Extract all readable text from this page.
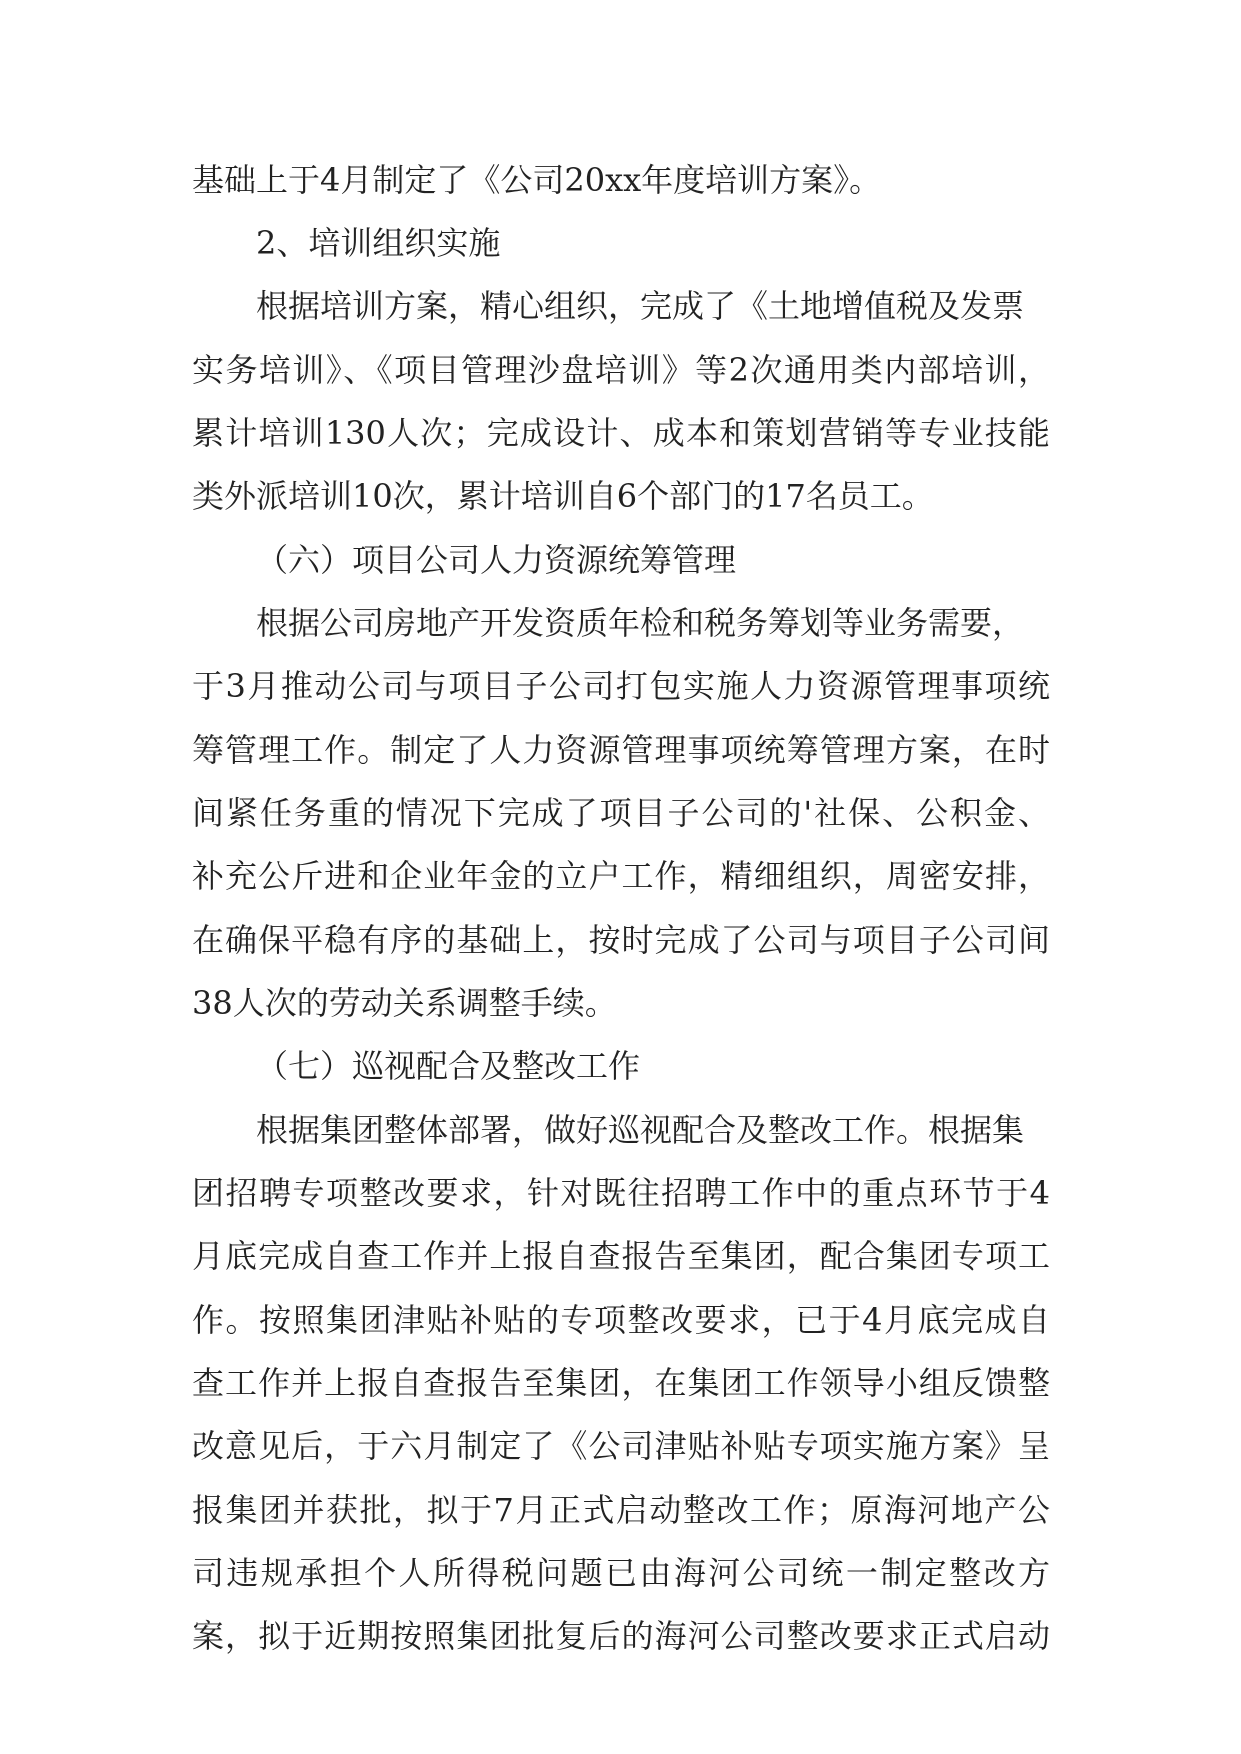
基础上于4月制定了《公司20xx年度培训方案》。
2、培训组织实施
根据培训方案，精心组织，完成了《土地增值税及发票
实务培训》、《项目管理沙盘培训》等2次通用类内部培训，
累计培训130人次；完成设计、成本和策划营销等专业技能
类外派培训10次，累计培训自6个部门的17名员工。
（六）项目公司人力资源统筹管理
根据公司房地产开发资质年检和税务筹划等业务需要，
于3月推动公司与项目子公司打包实施人力资源管理事项统
筹管理工作。制定了人力资源管理事项统筹管理方案，在时
间紧任务重的情况下完成了项目子公司的'社保、公积金、
补充公斤进和企业年金的立户工作，精细组织，周密安排，
在确保平稳有序的基础上，按时完成了公司与项目子公司间
38人次的劳动关系调整手续。
（七）巡视配合及整改工作
根据集团整体部署，做好巡视配合及整改工作。根据集
团招聘专项整改要求，针对既往招聘工作中的重点环节于4
月底完成自查工作并上报自查报告至集团，配合集团专项工
作。按照集团津贴补贴的专项整改要求，已于4月底完成自
查工作并上报自查报告至集团，在集团工作领导小组反馈整
改意见后，于六月制定了《公司津贴补贴专项实施方案》呈
报集团并获批，拟于7月正式启动整改工作；原海河地产公
司违规承担个人所得税问题已由海河公司统一制定整改方
案，拟于近期按照集团批复后的海河公司整改要求正式启动
